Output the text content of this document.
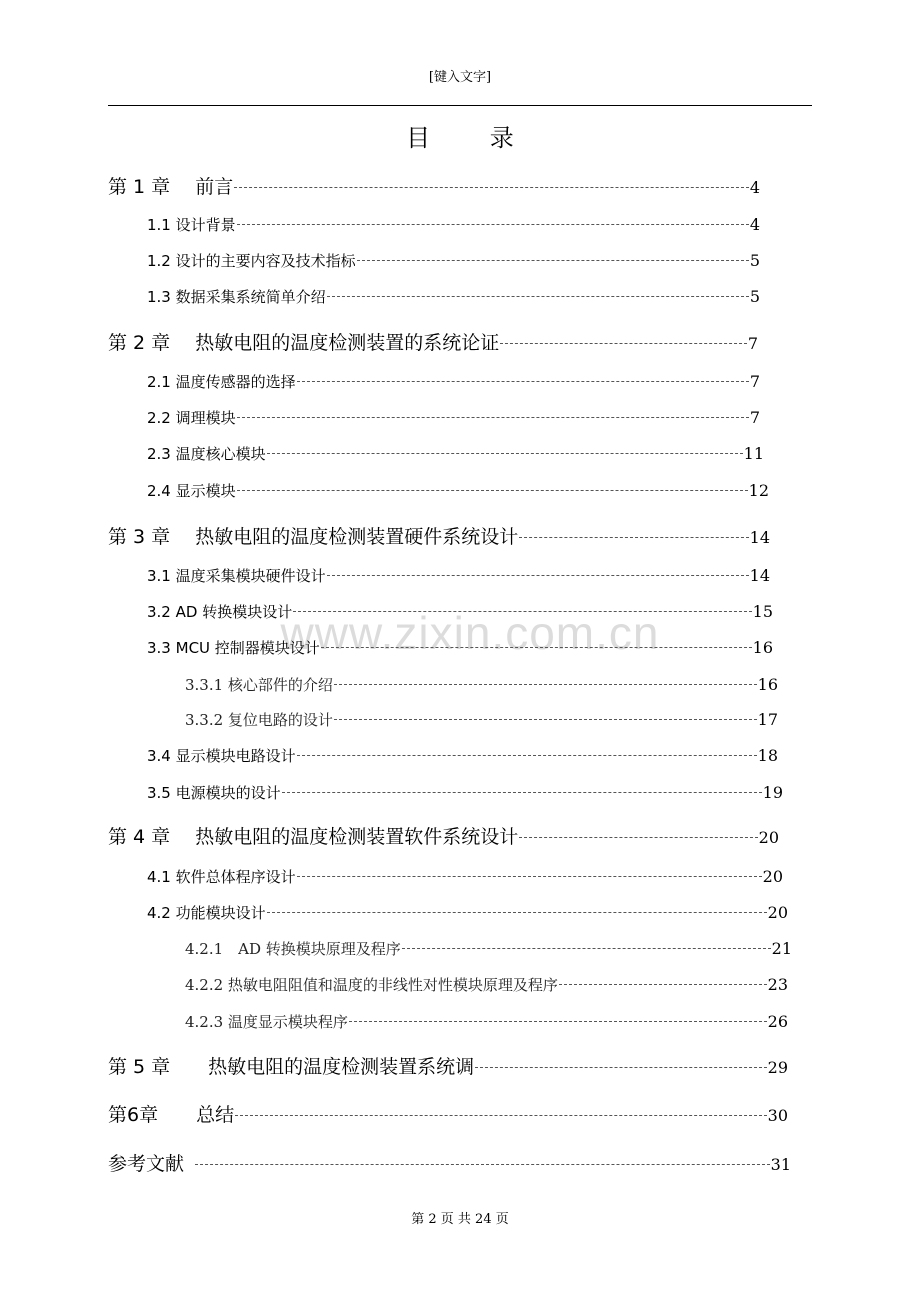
[键入文字]
目 录
www.zixin.com.cn
第 1 章　 前言	4
1.1 设计背景	4
1.2 设计的主要内容及技术指标	5
1.3 数据采集系统简单介绍	5
第 2 章　 热敏电阻的温度检测装置的系统论证	7
2.1 温度传感器的选择	7
2.2 调理模块	7
2.3 温度核心模块	11
2.4 显示模块	12
第 3 章　 热敏电阻的温度检测装置硬件系统设计	14
3.1 温度采集模块硬件设计	14
3.2 AD 转换模块设计	15
3.3 MCU 控制器模块设计	16
3.3.1 核心部件的介绍	16
3.3.2 复位电路的设计	17
3.4 显示模块电路设计	18
3.5 电源模块的设计	19
第 4 章　 热敏电阻的温度检测装置软件系统设计	20
4.1 软件总体程序设计	20
4.2 功能模块设计	20
4.2.1　AD 转换模块原理及程序	21
4.2.2 热敏电阻阻值和温度的非线性对性模块原理及程序	23
4.2.3 温度显示模块程序	26
第 5 章　　热敏电阻的温度检测装置系统调	29
第6章　　总结	30
参考文献	31
第 2 页 共 24 页
